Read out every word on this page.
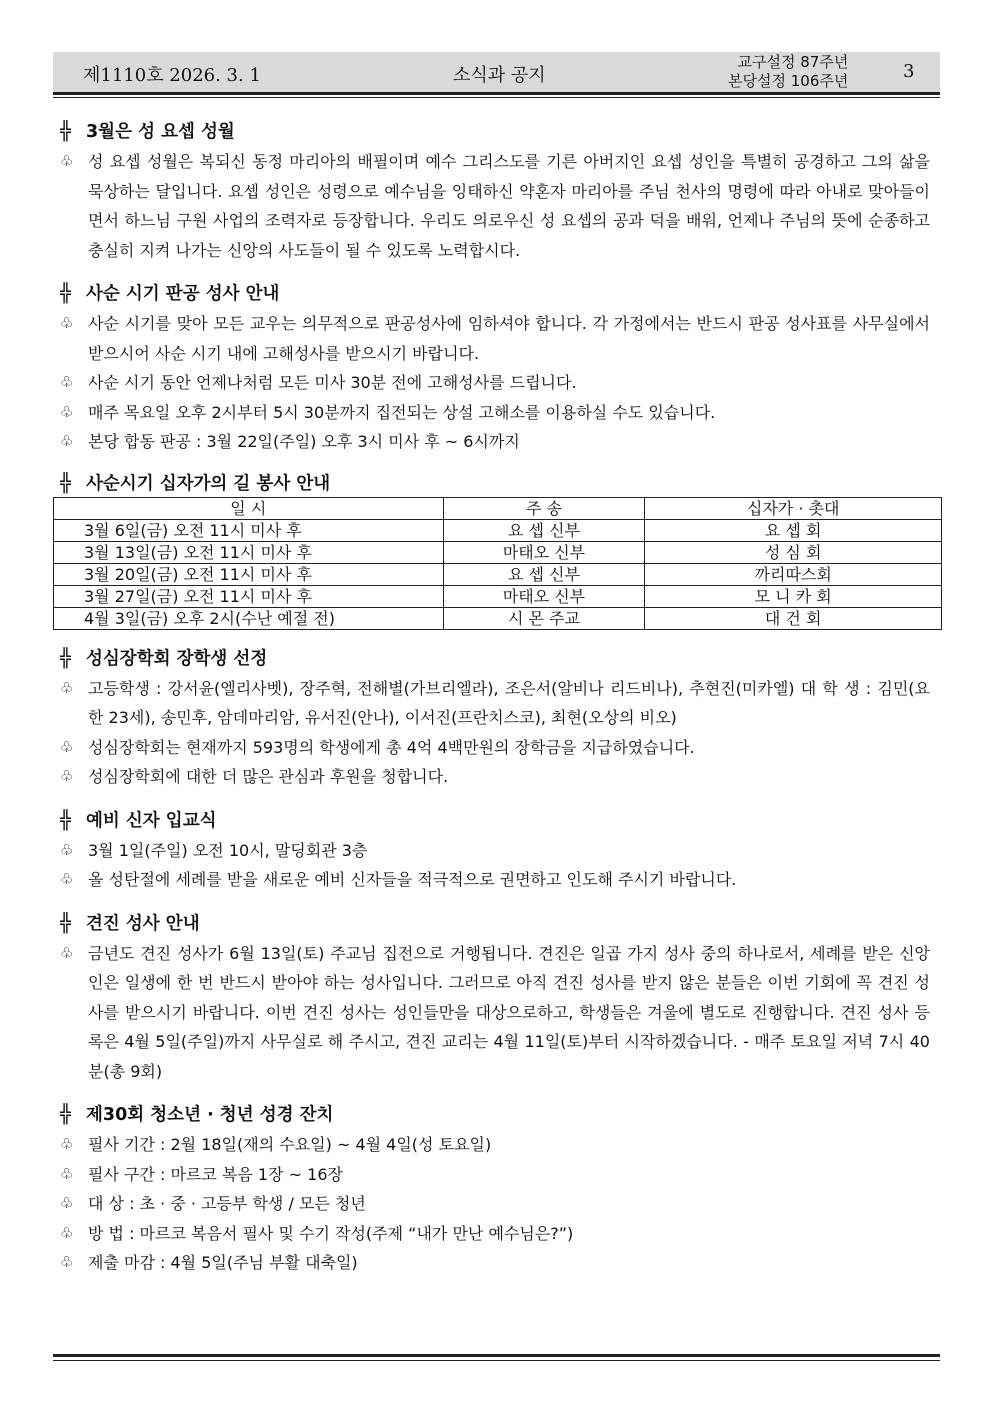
제1110호 2026. 3. 1	소식과 공지
교구설정 87주년
본당설정 106주년	3
╬ 3월은 성 요셉 성월
♧ 성 요셉 성월은 복되신 동정 마리아의 배필이며 예수 그리스도를 기른 아버지인 요셉 성인을 특별히 공경하고 그의 삶을 묵상하는 달입니다. 요셉 성인은 성령으로 예수님을 잉태하신 약혼자 마리아를 주님 천사의 명령에 따라 아내로 맞아들이면서 하느님 구원 사업의 조력자로 등장합니다. 우리도 의로우신 성 요셉의 공과 덕을 배워, 언제나 주님의 뜻에 순종하고 충실히 지켜 나가는 신앙의 사도들이 될 수 있도록 노력합시다.
╬ 사순 시기 판공 성사 안내
♧ 사순 시기를 맞아 모든 교우는 의무적으로 판공성사에 임하셔야 합니다. 각 가정에서는 반드시 판공 성사표를 사무실에서 받으시어 사순 시기 내에 고해성사를 받으시기 바랍니다.
♧ 사순 시기 동안 언제나처럼 모든 미사 30분 전에 고해성사를 드립니다.
♧ 매주 목요일 오후 2시부터 5시 30분까지 집전되는 상설 고해소를 이용하실 수도 있습니다.
♧ 본당 합동 판공 : 3월 22일(주일) 오후 3시 미사 후 ~ 6시까지
╬ 사순시기 십자가의 길 봉사 안내
일 시	주 송	십자가 · 촛대
3월 6일(금) 오전 11시 미사 후	요 셉 신부	요 셉 회
3월 13일(금) 오전 11시 미사 후	마태오 신부	성 심 회
3월 20일(금) 오전 11시 미사 후	요 셉 신부	까리따스회
3월 27일(금) 오전 11시 미사 후	마태오 신부	모 니 카 회
4월 3일(금) 오후 2시(수난 예절 전)	시 몬 주교	대 건 회
╬ 성심장학회 장학생 선정
♧ 고등학생 : 강서윤(엘리사벳), 장주혁, 전해별(가브리엘라), 조은서(알비나 리드비나), 추현진(미카엘) 대 학 생 : 김민(요한 23세), 송민후, 암데마리암, 유서진(안나), 이서진(프란치스코), 최현(오상의 비오)
♧ 성심장학회는 현재까지 593명의 학생에게 총 4억 4백만원의 장학금을 지급하였습니다.
♧ 성심장학회에 대한 더 많은 관심과 후원을 청합니다.
╬ 예비 신자 입교식
♧ 3월 1일(주일) 오전 10시, 말딩회관 3층
♧ 올 성탄절에 세례를 받을 새로운 예비 신자들을 적극적으로 권면하고 인도해 주시기 바랍니다.
╬ 견진 성사 안내
♧ 금년도 견진 성사가 6월 13일(토) 주교님 집전으로 거행됩니다. 견진은 일곱 가지 성사 중의 하나로서, 세례를 받은 신앙인은 일생에 한 번 반드시 받아야 하는 성사입니다. 그러므로 아직 견진 성사를 받지 않은 분들은 이번 기회에 꼭 견진 성사를 받으시기 바랍니다. 이번 견진 성사는 성인들만을 대상으로하고, 학생들은 겨울에 별도로 진행합니다. 견진 성사 등록은 4월 5일(주일)까지 사무실로 해 주시고, 견진 교리는 4월 11일(토)부터 시작하겠습니다. - 매주 토요일 저녁 7시 40분(총 9회)
╬ 제30회 청소년 · 청년 성경 잔치
♧ 필사 기간 : 2월 18일(재의 수요일) ~ 4월 4일(성 토요일)
♧ 필사 구간 : 마르코 복음 1장 ~ 16장
♧ 대 상 : 초 · 중 · 고등부 학생 / 모든 청년
♧ 방 법 : 마르코 복음서 필사 및 수기 작성(주제 “내가 만난 예수님은?”)
♧ 제출 마감 : 4월 5일(주님 부활 대축일)
